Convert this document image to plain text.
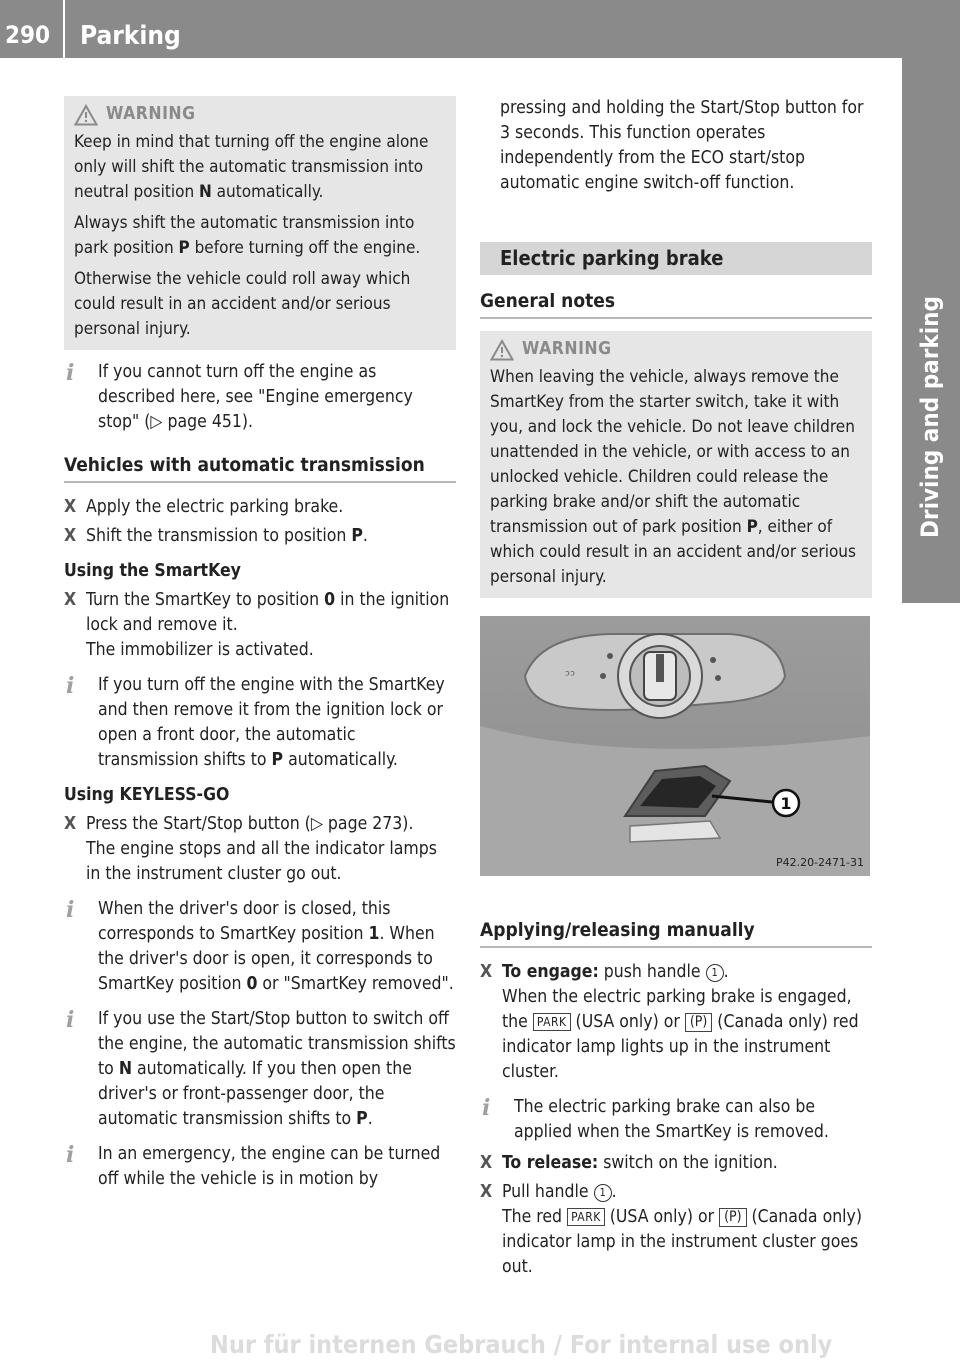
290 Parking
WARNING

Keep in mind that turning off the engine alone only will shift the automatic transmission into neutral position N automatically.

Always shift the automatic transmission into park position P before turning off the engine.

Otherwise the vehicle could roll away which could result in an accident and/or serious personal injury.

i If you cannot turn off the engine as described here, see "Engine emergency stop" (▷ page 451).
Vehicles with automatic transmission
X Apply the electric parking brake.
X Shift the transmission to position P.
Using the SmartKey
X Turn the SmartKey to position 0 in the ignition lock and remove it.
The immobilizer is activated.
i If you turn off the engine with the SmartKey and then remove it from the ignition lock or open a front door, the automatic transmission shifts to P automatically.
Using KEYLESS-GO
X Press the Start/Stop button (▷ page 273).
The engine stops and all the indicator lamps in the instrument cluster go out.
i When the driver's door is closed, this corresponds to SmartKey position 1. When the driver's door is open, it corresponds to SmartKey position 0 or "SmartKey removed".
i If you use the Start/Stop button to switch off the engine, the automatic transmission shifts to N automatically. If you then open the driver's or front-passenger door, the automatic transmission shifts to P.
i In an emergency, the engine can be turned off while the vehicle is in motion by

pressing and holding the Start/Stop button for 3 seconds. This function operates independently from the ECO start/stop automatic engine switch-off function.

Electric parking brake
General notes
WARNING

When leaving the vehicle, always remove the SmartKey from the starter switch, take it with you, and lock the vehicle. Do not leave children unattended in the vehicle, or with access to an unlocked vehicle. Children could release the parking brake and/or shift the automatic transmission out of park position P, either of which could result in an accident and/or serious personal injury.

ᵓᵓ
1
P42.20-2471-31
Applying/releasing manually
X To engage: push handle 1 .
When the electric parking brake is engaged, the PARK (USA only) or (P) (Canada only) red indicator lamp lights up in the instrument cluster.
i The electric parking brake can also be applied when the SmartKey is removed.
X To release: switch on the ignition.
X Pull handle 1 .
The red PARK (USA only) or (P) (Canada only) indicator lamp in the instrument cluster goes out.
Nur für internen Gebrauch / For internal use only
